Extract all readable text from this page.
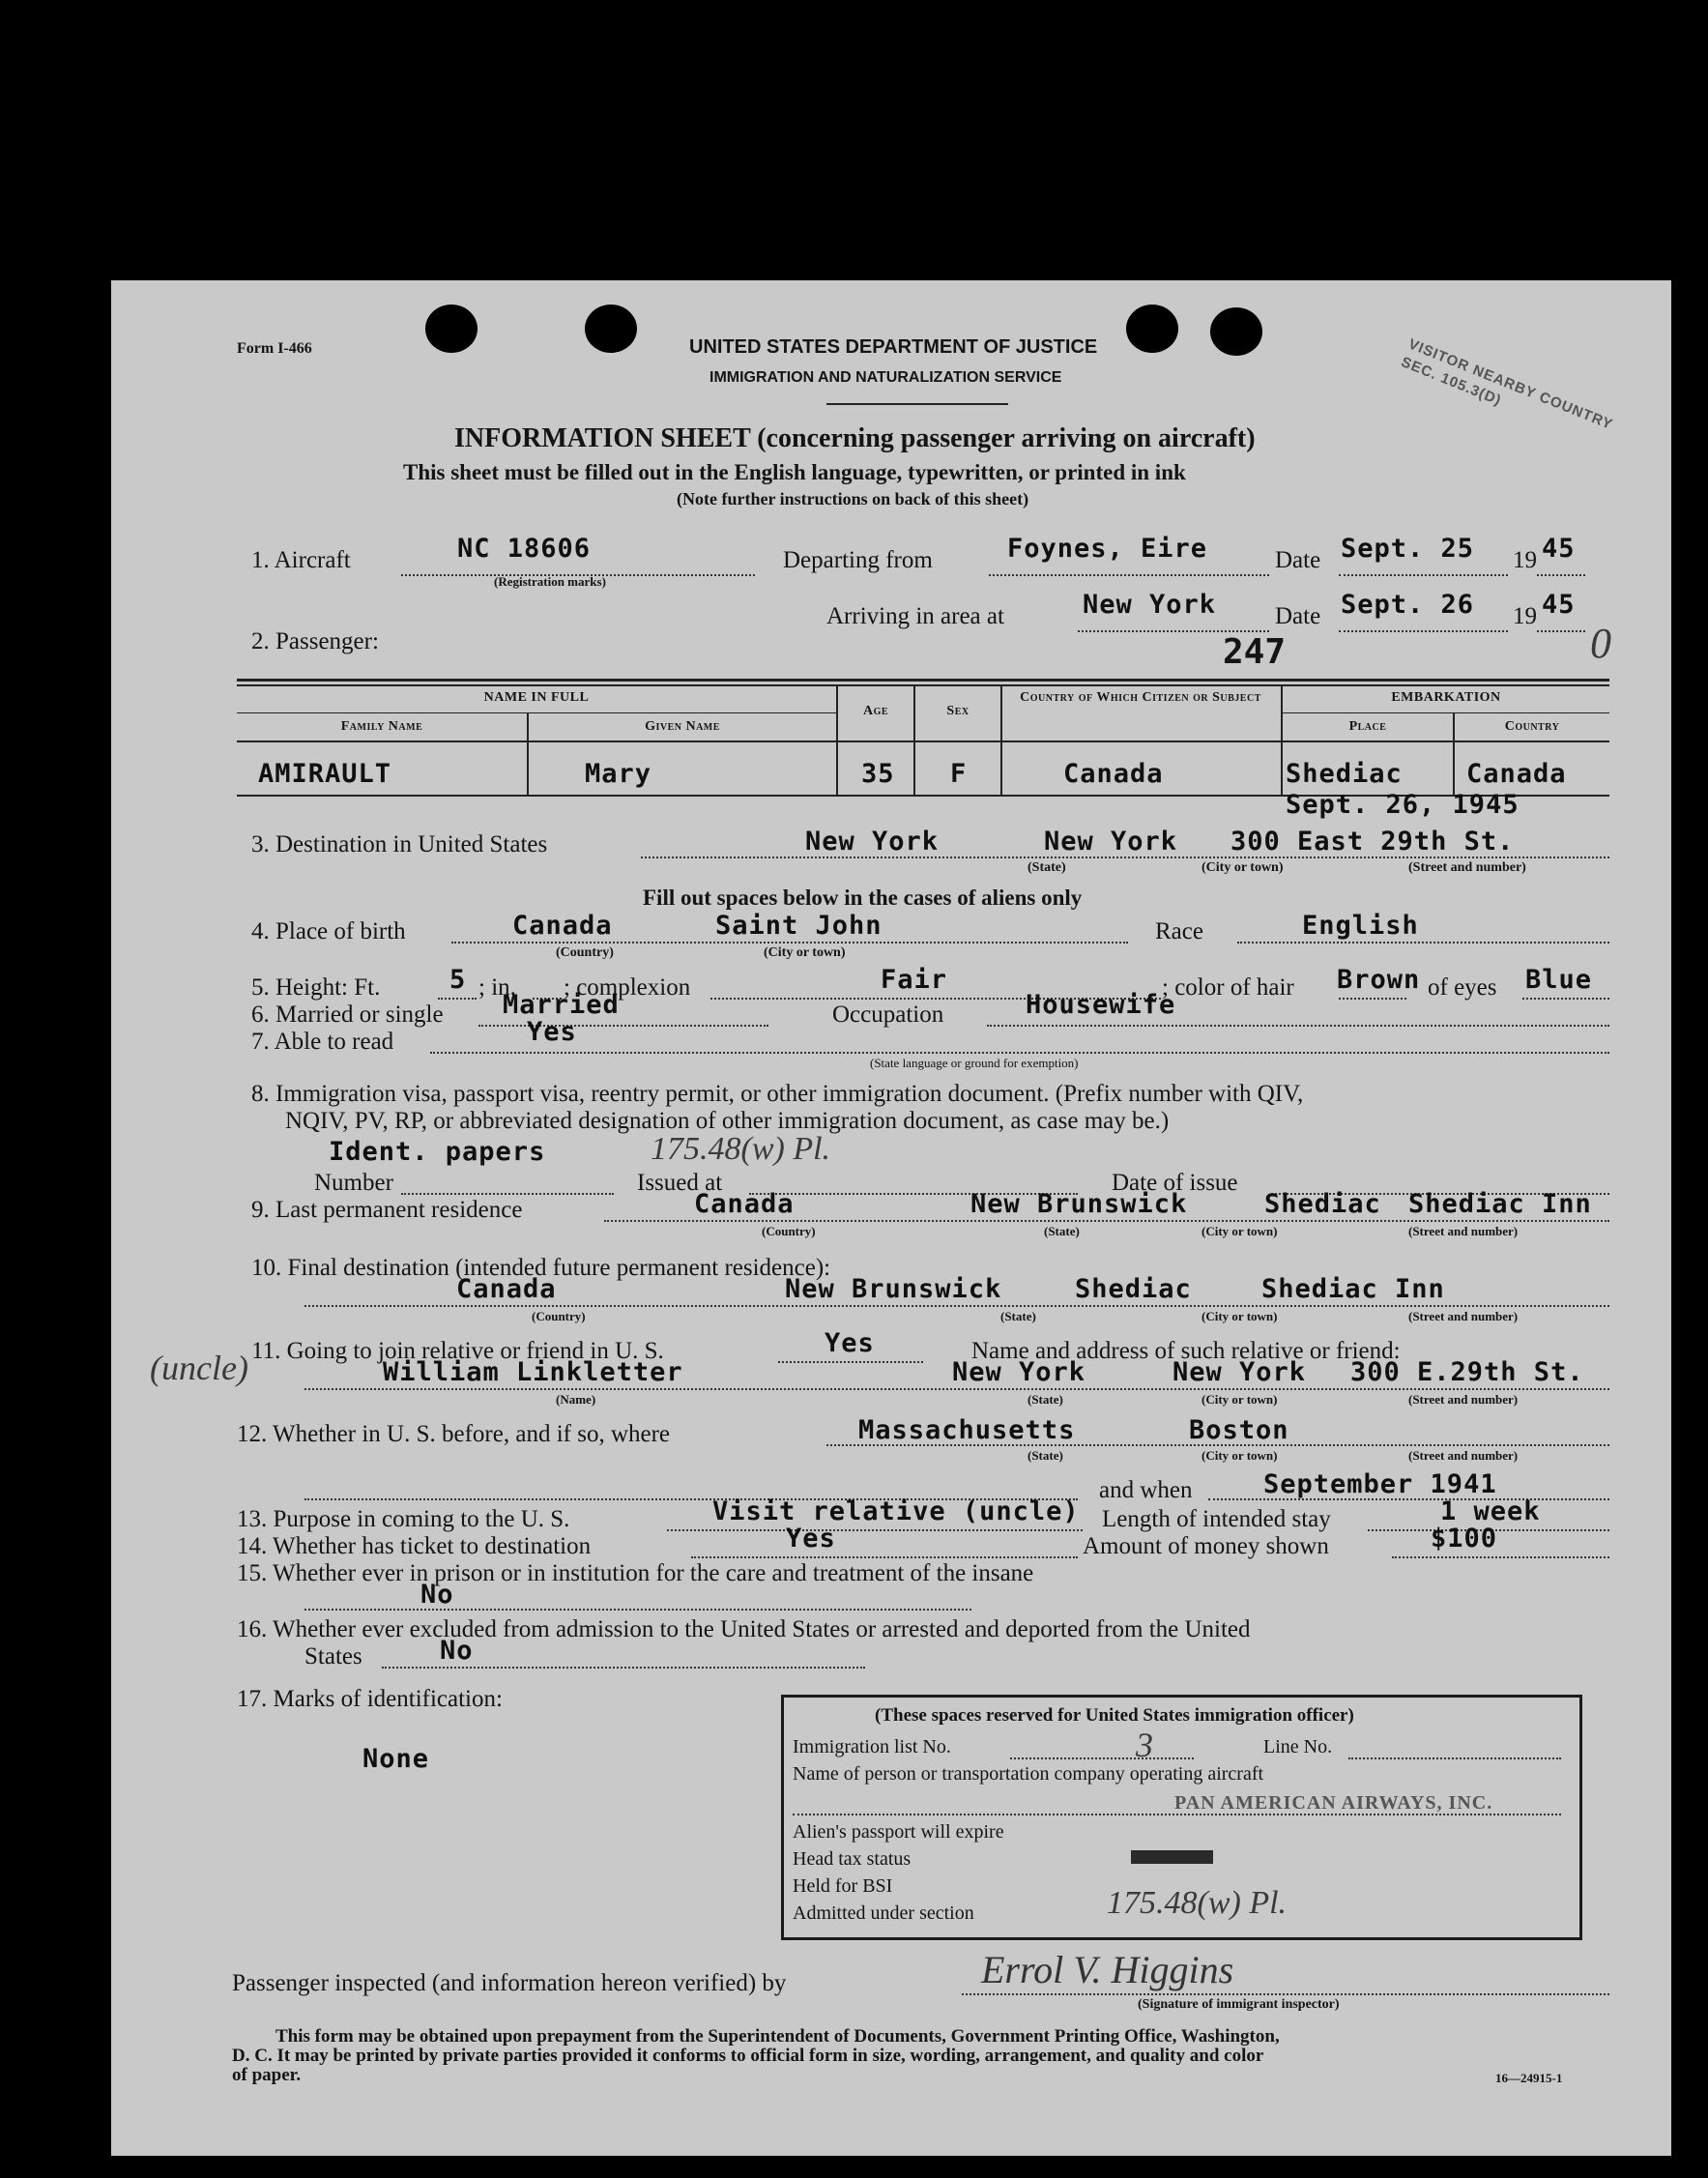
Form I-466	UNITED STATES DEPARTMENT OF JUSTICE
IMMIGRATION AND NATURALIZATION SERVICE	VISITOR NEARBY COUNTRY SEC. 105.3(D)
INFORMATION SHEET (concerning passenger arriving on aircraft)
This sheet must be filled out in the English language, typewritten, or printed in ink
(Note further instructions on back of this sheet)
1. Aircraft	NC 18606
(Registration marks)
Departing from	Foynes, Eire	Date Sept. 25 19 45
Arriving in area at	New York Date Sept. 26 19 45
2. Passenger:	247	0
NAME IN FULL
Family Name	Given Name
Age	Sex
Country of Which Citizen or Subject	EMBARKATION
Place	Country
AMIRAULT	Mary	35 F	Canada	Shediac Canada
Sept. 26, 1945
3. Destination in United States	New York	New York 300 East 29th St.
(State)	(City or town)	(Street and number)
Fill out spaces below in the cases of aliens only
4. Place of birth	Canada	Saint John
(Country)	(City or town)
Race	English
5. Height: Ft.	5 ; in. ; complexion	Fair	; color of hair Brown of eyes Blue
6. Married or single Married	Occupation	Housewife
7. Able to read	Yes
(State language or ground for exemption)
8. Immigration visa, passport visa, reentry permit, or other immigration document. (Prefix number with QIV,
NQIV, PV, RP, or abbreviated designation of other immigration document, as case may be.)
Ident. papers	175.48(w) Pl.
Number	Issued at	Date of issue
9. Last permanent residence	Canada	New Brunswick	Shediac Shediac Inn
(Country)	(State)	(City or town)	(Street and number)
10. Final destination (intended future permanent residence):
Canada	New Brunswick	Shediac	Shediac Inn
(Country)	(State)	(City or town)	(Street and number)
11. Going to join relative or friend in U. S.	Yes	Name and address of such relative or friend:
(uncle)	William Linkletter	New York	New York 300 E.29th St.
(Name)	(State)	(City or town)	(Street and number)
12. Whether in U. S. before, and if so, where	Massachusetts	Boston
(State)	(City or town)	(Street and number)
and when	September 1941
13. Purpose in coming to the U. S.	Visit relative (uncle) Length of intended stay	1 week
14. Whether has ticket to destination	Yes	Amount of money shown	$100
15. Whether ever in prison or in institution for the care and treatment of the insane
No
16. Whether ever excluded from admission to the United States or arrested and deported from the United
States	No
17. Marks of identification:
None
(These spaces reserved for United States immigration officer)
Immigration list No.	3	Line No.
Name of person or transportation company operating aircraft
PAN AMERICAN AIRWAYS, INC.
Alien's passport will expire
Head tax status
Held for BSI
Admitted under section	175.48(w) Pl.
Passenger inspected (and information hereon verified) by	Errol V. Higgins
(Signature of immigrant inspector)
This form may be obtained upon prepayment from the Superintendent of Documents, Government Printing Office, Washington,
D. C. It may be printed by private parties provided it conforms to official form in size, wording, arrangement, and quality and color
of paper.	16—24915-1
